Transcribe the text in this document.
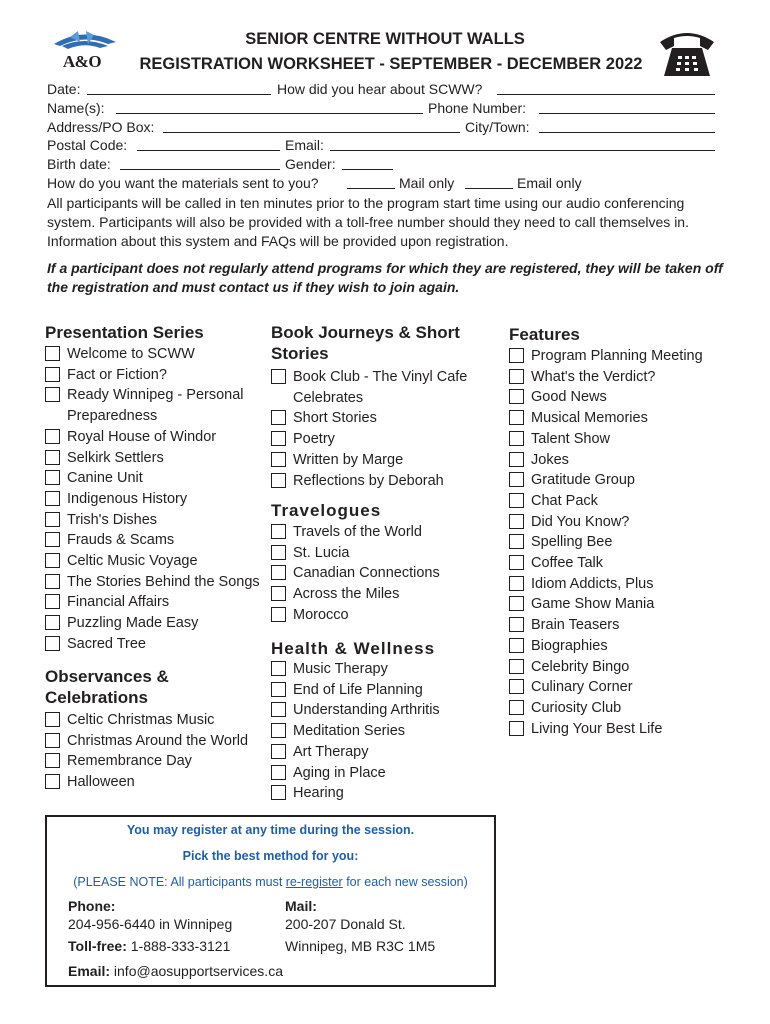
A&O
SENIOR CENTRE WITHOUT WALLS
REGISTRATION WORKSHEET - SEPTEMBER - DECEMBER 2022
Date:	How did you hear about SCWW?
Name(s):	Phone Number:
Address/PO Box:	City/Town:
Postal Code:	Email:
Birth date:	Gender:
How do you want the materials sent to you?	Mail only	Email only
All participants will be called in ten minutes prior to the program start time using our audio conferencing system. Participants will also be provided with a toll-free number should they need to call themselves in. Information about this system and FAQs will be provided upon registration.
If a participant does not regularly attend programs for which they are registered, they will be taken off the registration and must contact us if they wish to join again.
Presentation Series
Welcome to SCWW
Fact or Fiction?
Ready Winnipeg - Personal Preparedness
Royal House of Windor
Selkirk Settlers
Canine Unit
Indigenous History
Trish's Dishes
Frauds & Scams
Celtic Music Voyage
The Stories Behind the Songs
Financial Affairs
Puzzling Made Easy
Sacred Tree
Observances & Celebrations
Celtic Christmas Music
Christmas Around the World
Remembrance Day
Halloween
Book Journeys & Short Stories
Book Club - The Vinyl Cafe Celebrates
Short Stories
Poetry
Written by Marge
Reflections by Deborah
Travelogues
Travels of the World
St. Lucia
Canadian Connections
Across the Miles
Morocco
Health & Wellness
Music Therapy
End of Life Planning
Understanding Arthritis
Meditation Series
Art Therapy
Aging in Place
Hearing
Features
Program Planning Meeting
What's the Verdict?
Good News
Musical Memories
Talent Show
Jokes
Gratitude Group
Chat Pack
Did You Know?
Spelling Bee
Coffee Talk
Idiom Addicts, Plus
Game Show Mania
Brain Teasers
Biographies
Celebrity Bingo
Culinary Corner
Curiosity Club
Living Your Best Life
You may register at any time during the session.
Pick the best method for you:
(PLEASE NOTE: All participants must re-register for each new session)
Phone:
204-956-6440 in Winnipeg
Toll-free: 1-888-333-3121
Mail:
200-207 Donald St.
Winnipeg, MB R3C 1M5
Email: info@aosupportservices.ca
